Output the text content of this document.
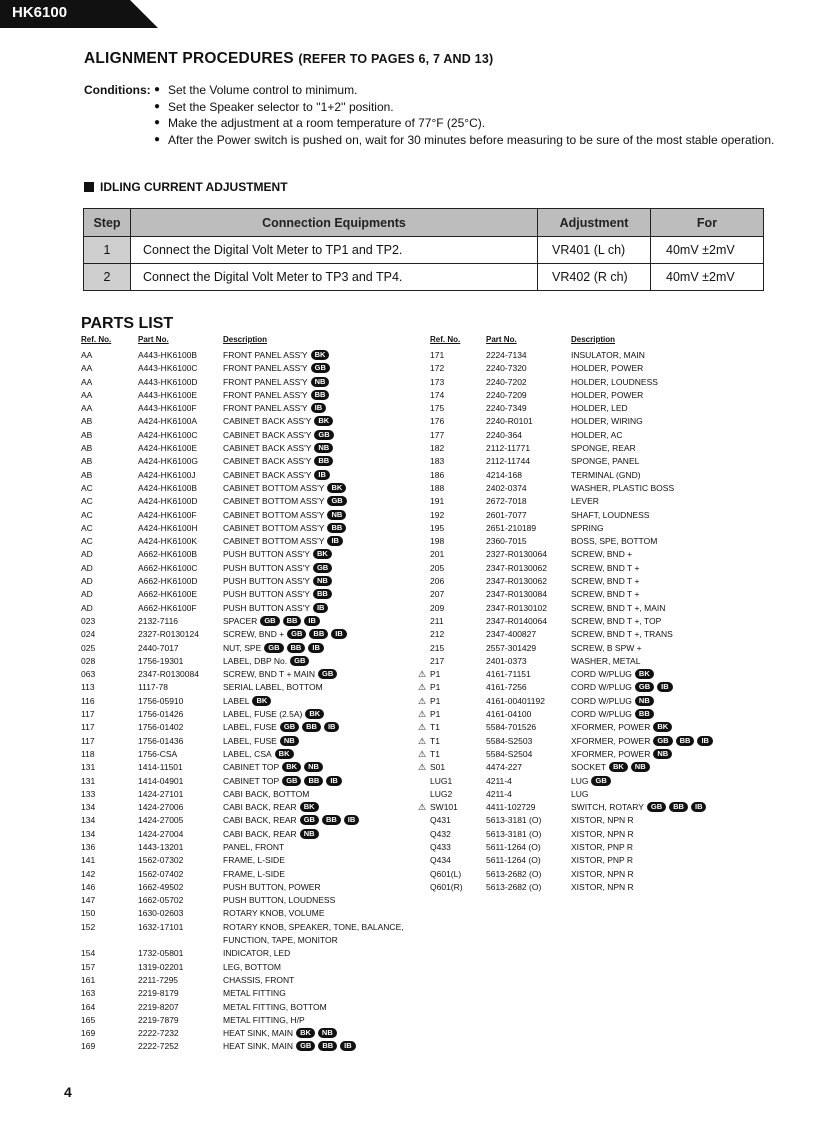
HK6100
ALIGNMENT PROCEDURES (REFER TO PAGES 6, 7 AND 13)
Conditions:	● Set the Volume control to minimum.
● Set the Speaker selector to ''1+2'' position.
● Make the adjustment at a room temperature of 77°F (25°C).
● After the Power switch is pushed on, wait for 30 minutes before measuring to be sure of the most stable operation.
IDLING CURRENT ADJUSTMENT
Step	Connection Equipments	Adjustment	For
1	Connect the Digital Volt Meter to TP1 and TP2.	VR401 (L ch)	40mV ±2mV
2	Connect the Digital Volt Meter to TP3 and TP4.	VR402 (R ch)	40mV ±2mV
PARTS LIST
Ref. No.	Part No.	Description
AA	A443-HK6100B	FRONT PANEL ASS'Y BK
AA	A443-HK6100C	FRONT PANEL ASS'Y GB
AA	A443-HK6100D	FRONT PANEL ASS'Y NB
AA	A443-HK6100E	FRONT PANEL ASS'Y BB
AA	A443-HK6100F	FRONT PANEL ASS'Y IB
AB	A424-HK6100A	CABINET BACK ASS'Y BK
AB	A424-HK6100C	CABINET BACK ASS'Y GB
AB	A424-HK6100E	CABINET BACK ASS'Y NB
AB	A424-HK6100G	CABINET BACK ASS'Y BB
AB	A424-HK6100J	CABINET BACK ASS'Y IB
AC	A424-HK6100B	CABINET BOTTOM ASS'Y BK
AC	A424-HK6100D	CABINET BOTTOM ASS'Y GB
AC	A424-HK6100F	CABINET BOTTOM ASS'Y NB
AC	A424-HK6100H	CABINET BOTTOM ASS'Y BB
AC	A424-HK6100K	CABINET BOTTOM ASS'Y IB
AD	A662-HK6100B	PUSH BUTTON ASS'Y BK
AD	A662-HK6100C	PUSH BUTTON ASS'Y GB
AD	A662-HK6100D	PUSH BUTTON ASS'Y NB
AD	A662-HK6100E	PUSH BUTTON ASS'Y BB
AD	A662-HK6100F	PUSH BUTTON ASS'Y IB
023	2132-7116	SPACER GB BB IB
024	2327-R0130124	SCREW, BND + GB BB IB
025	2440-7017	NUT, SPE GB BB IB
028	1756-19301	LABEL, DBP No. GB
063	2347-R0130084	SCREW, BND T + MAIN GB
113	1117-78	SERIAL LABEL, BOTTOM
116	1756-05910	LABEL BK
117	1756-01426	LABEL, FUSE (2.5A) BK
117	1756-01402	LABEL, FUSE GB BB IB
117	1756-01436	LABEL, FUSE NB
118	1756-CSA	LABEL, CSA BK
131	1414-11501	CABINET TOP BK NB
131	1414-04901	CABINET TOP GB BB IB
133	1424-27101	CABI BACK, BOTTOM
134	1424-27006	CABI BACK, REAR BK
134	1424-27005	CABI BACK, REAR GB BB IB
134	1424-27004	CABI BACK, REAR NB
136	1443-13201	PANEL, FRONT
141	1562-07302	FRAME, L-SIDE
142	1562-07402	FRAME, L-SIDE
146	1662-49502	PUSH BUTTON, POWER
147	1662-05702	PUSH BUTTON, LOUDNESS
150	1630-02603	ROTARY KNOB, VOLUME
152	1632-17101	ROTARY KNOB, SPEAKER, TONE, BALANCE,
FUNCTION, TAPE, MONITOR
154	1732-05801	INDICATOR, LED
157	1319-02201	LEG, BOTTOM
161	2211-7295	CHASSIS, FRONT
163	2219-8179	METAL FITTING
164	2219-8207	METAL FITTING, BOTTOM
165	2219-7879	METAL FITTING, H/P
169	2222-7232	HEAT SINK, MAIN BK NB
169	2222-7252	HEAT SINK, MAIN GB BB IB
Ref. No.	Part No.	Description
171	2224-7134	INSULATOR, MAIN
172	2240-7320	HOLDER, POWER
173	2240-7202	HOLDER, LOUDNESS
174	2240-7209	HOLDER, POWER
175	2240-7349	HOLDER, LED
176	2240-R0101	HOLDER, WIRING
177	2240-364	HOLDER, AC
182	2112-11771	SPONGE, REAR
183	2112-11744	SPONGE, PANEL
186	4214-168	TERMINAL (GND)
188	2402-0374	WASHER, PLASTIC BOSS
191	2672-7018	LEVER
192	2601-7077	SHAFT, LOUDNESS
195	2651-210189	SPRING
198	2360-7015	BOSS, SPE, BOTTOM
201	2327-R0130064	SCREW, BND +
205	2347-R0130062	SCREW, BND T +
206	2347-R0130062	SCREW, BND T +
207	2347-R0130084	SCREW, BND T +
209	2347-R0130102	SCREW, BND T +, MAIN
211	2347-R0140064	SCREW, BND T +, TOP
212	2347-400827	SCREW, BND T +, TRANS
215	2557-301429	SCREW, B SPW +
217	2401-0373	WASHER, METAL
⚠ P1	4161-71151	CORD W/PLUG BK
⚠ P1	4161-7256	CORD W/PLUG GB IB
⚠ P1	4161-00401192	CORD W/PLUG NB
⚠ P1	4161-04100	CORD W/PLUG BB
⚠ T1	5584-701526	XFORMER, POWER BK
⚠ T1	5584-S2503	XFORMER, POWER GB BB IB
⚠ T1	5584-S2504	XFORMER, POWER NB
⚠ S01	4474-227	SOCKET BK NB
LUG1	4211-4	LUG GB
LUG2	4211-4	LUG
⚠ SW101	4411-102729	SWITCH, ROTARY GB BB IB
Q431	5613-3181 (O)	XISTOR, NPN R
Q432	5613-3181 (O)	XISTOR, NPN R
Q433	5611-1264 (O)	XISTOR, PNP R
Q434	5611-1264 (O)	XISTOR, PNP R
Q601(L)	5613-2682 (O)	XISTOR, NPN R
Q601(R)	5613-2682 (O)	XISTOR, NPN R
4
